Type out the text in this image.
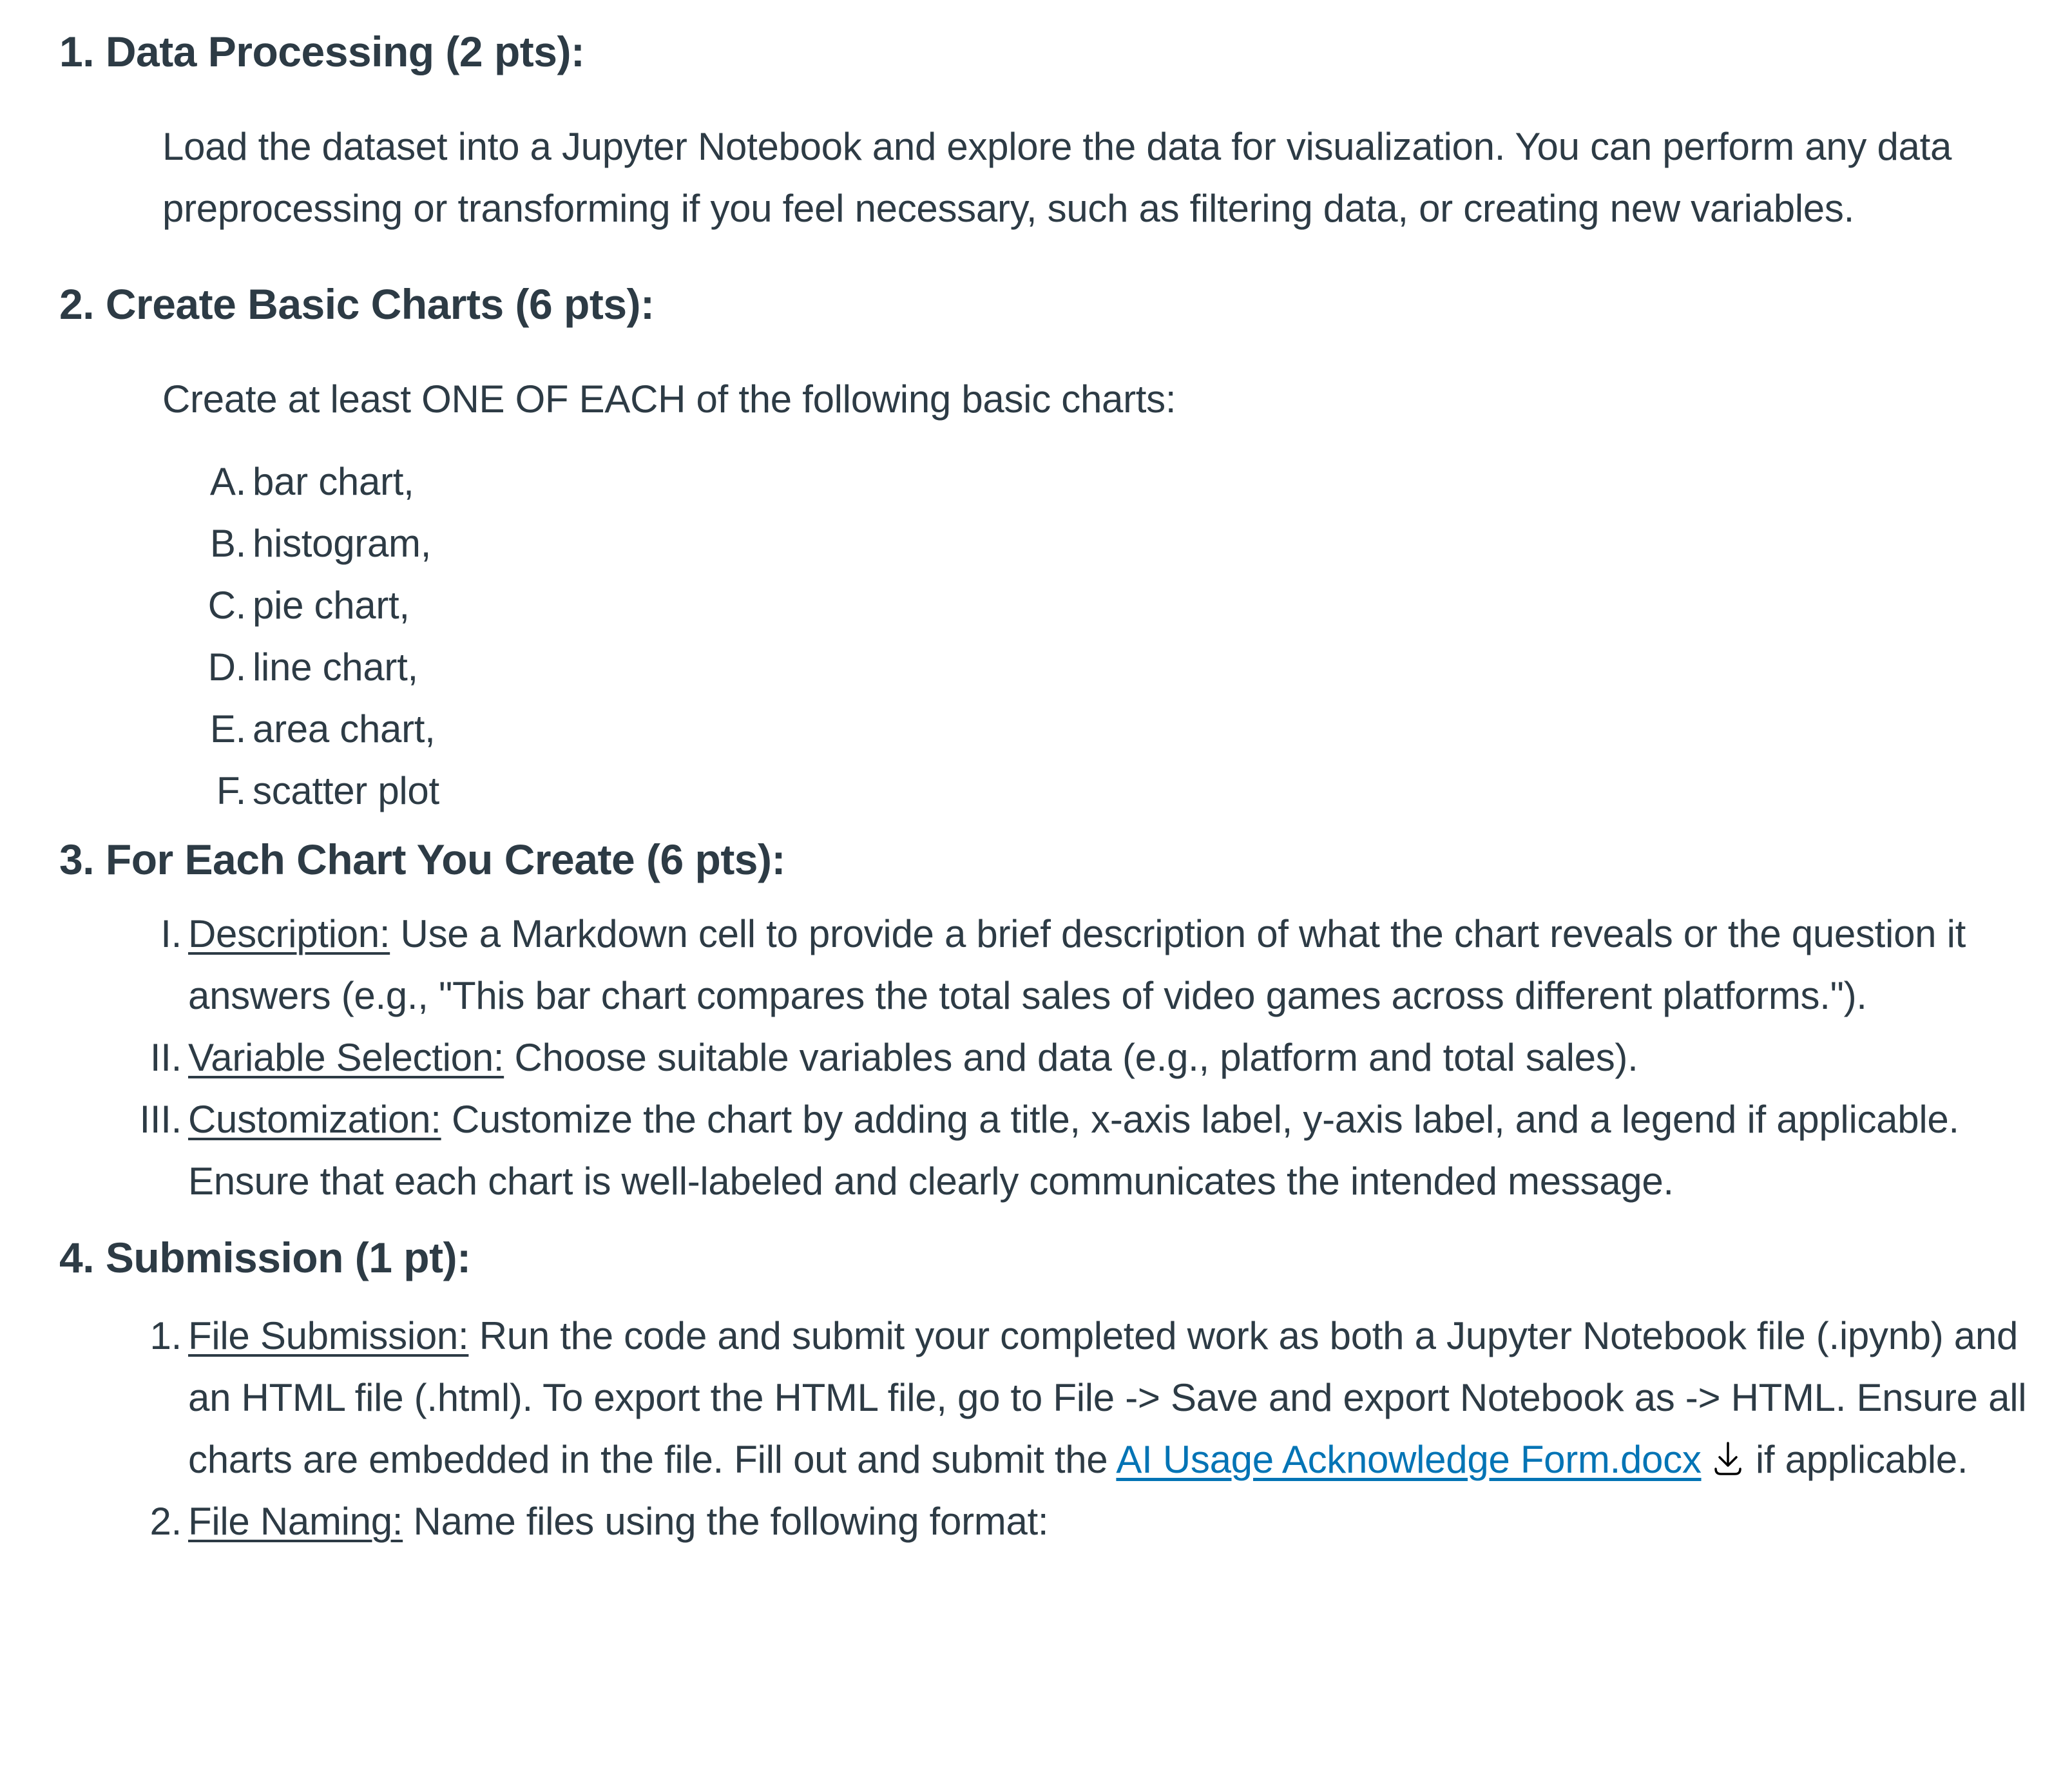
1. Data Processing (2 pts):

Load the dataset into a Jupyter Notebook and explore the data for visualization. You can perform any data preprocessing or transforming if you feel necessary, such as filtering data, or creating new variables.

2. Create Basic Charts (6 pts):

Create at least ONE OF EACH of the following basic charts:

A. bar chart,
B. histogram,
C. pie chart,
D. line chart,
E. area chart,
F. scatter plot
3. For Each Chart You Create (6 pts):
I. Description: Use a Markdown cell to provide a brief description of what the chart reveals or the question it answers (e.g., "This bar chart compares the total sales of video games across different platforms.").
II. Variable Selection: Choose suitable variables and data (e.g., platform and total sales).
III. Customization: Customize the chart by adding a title, x-axis label, y-axis label, and a legend if applicable. Ensure that each chart is well-labeled and clearly communicates the intended message.
4. Submission (1 pt):
1. File Submission: Run the code and submit your completed work as both a Jupyter Notebook file (.ipynb) and an HTML file (.html). To export the HTML file, go to File -> Save and export Notebook as -> HTML. Ensure all charts are embedded in the file. Fill out and submit the AI Usage Acknowledge Form.docx if applicable.
2. File Naming: Name files using the following format:
